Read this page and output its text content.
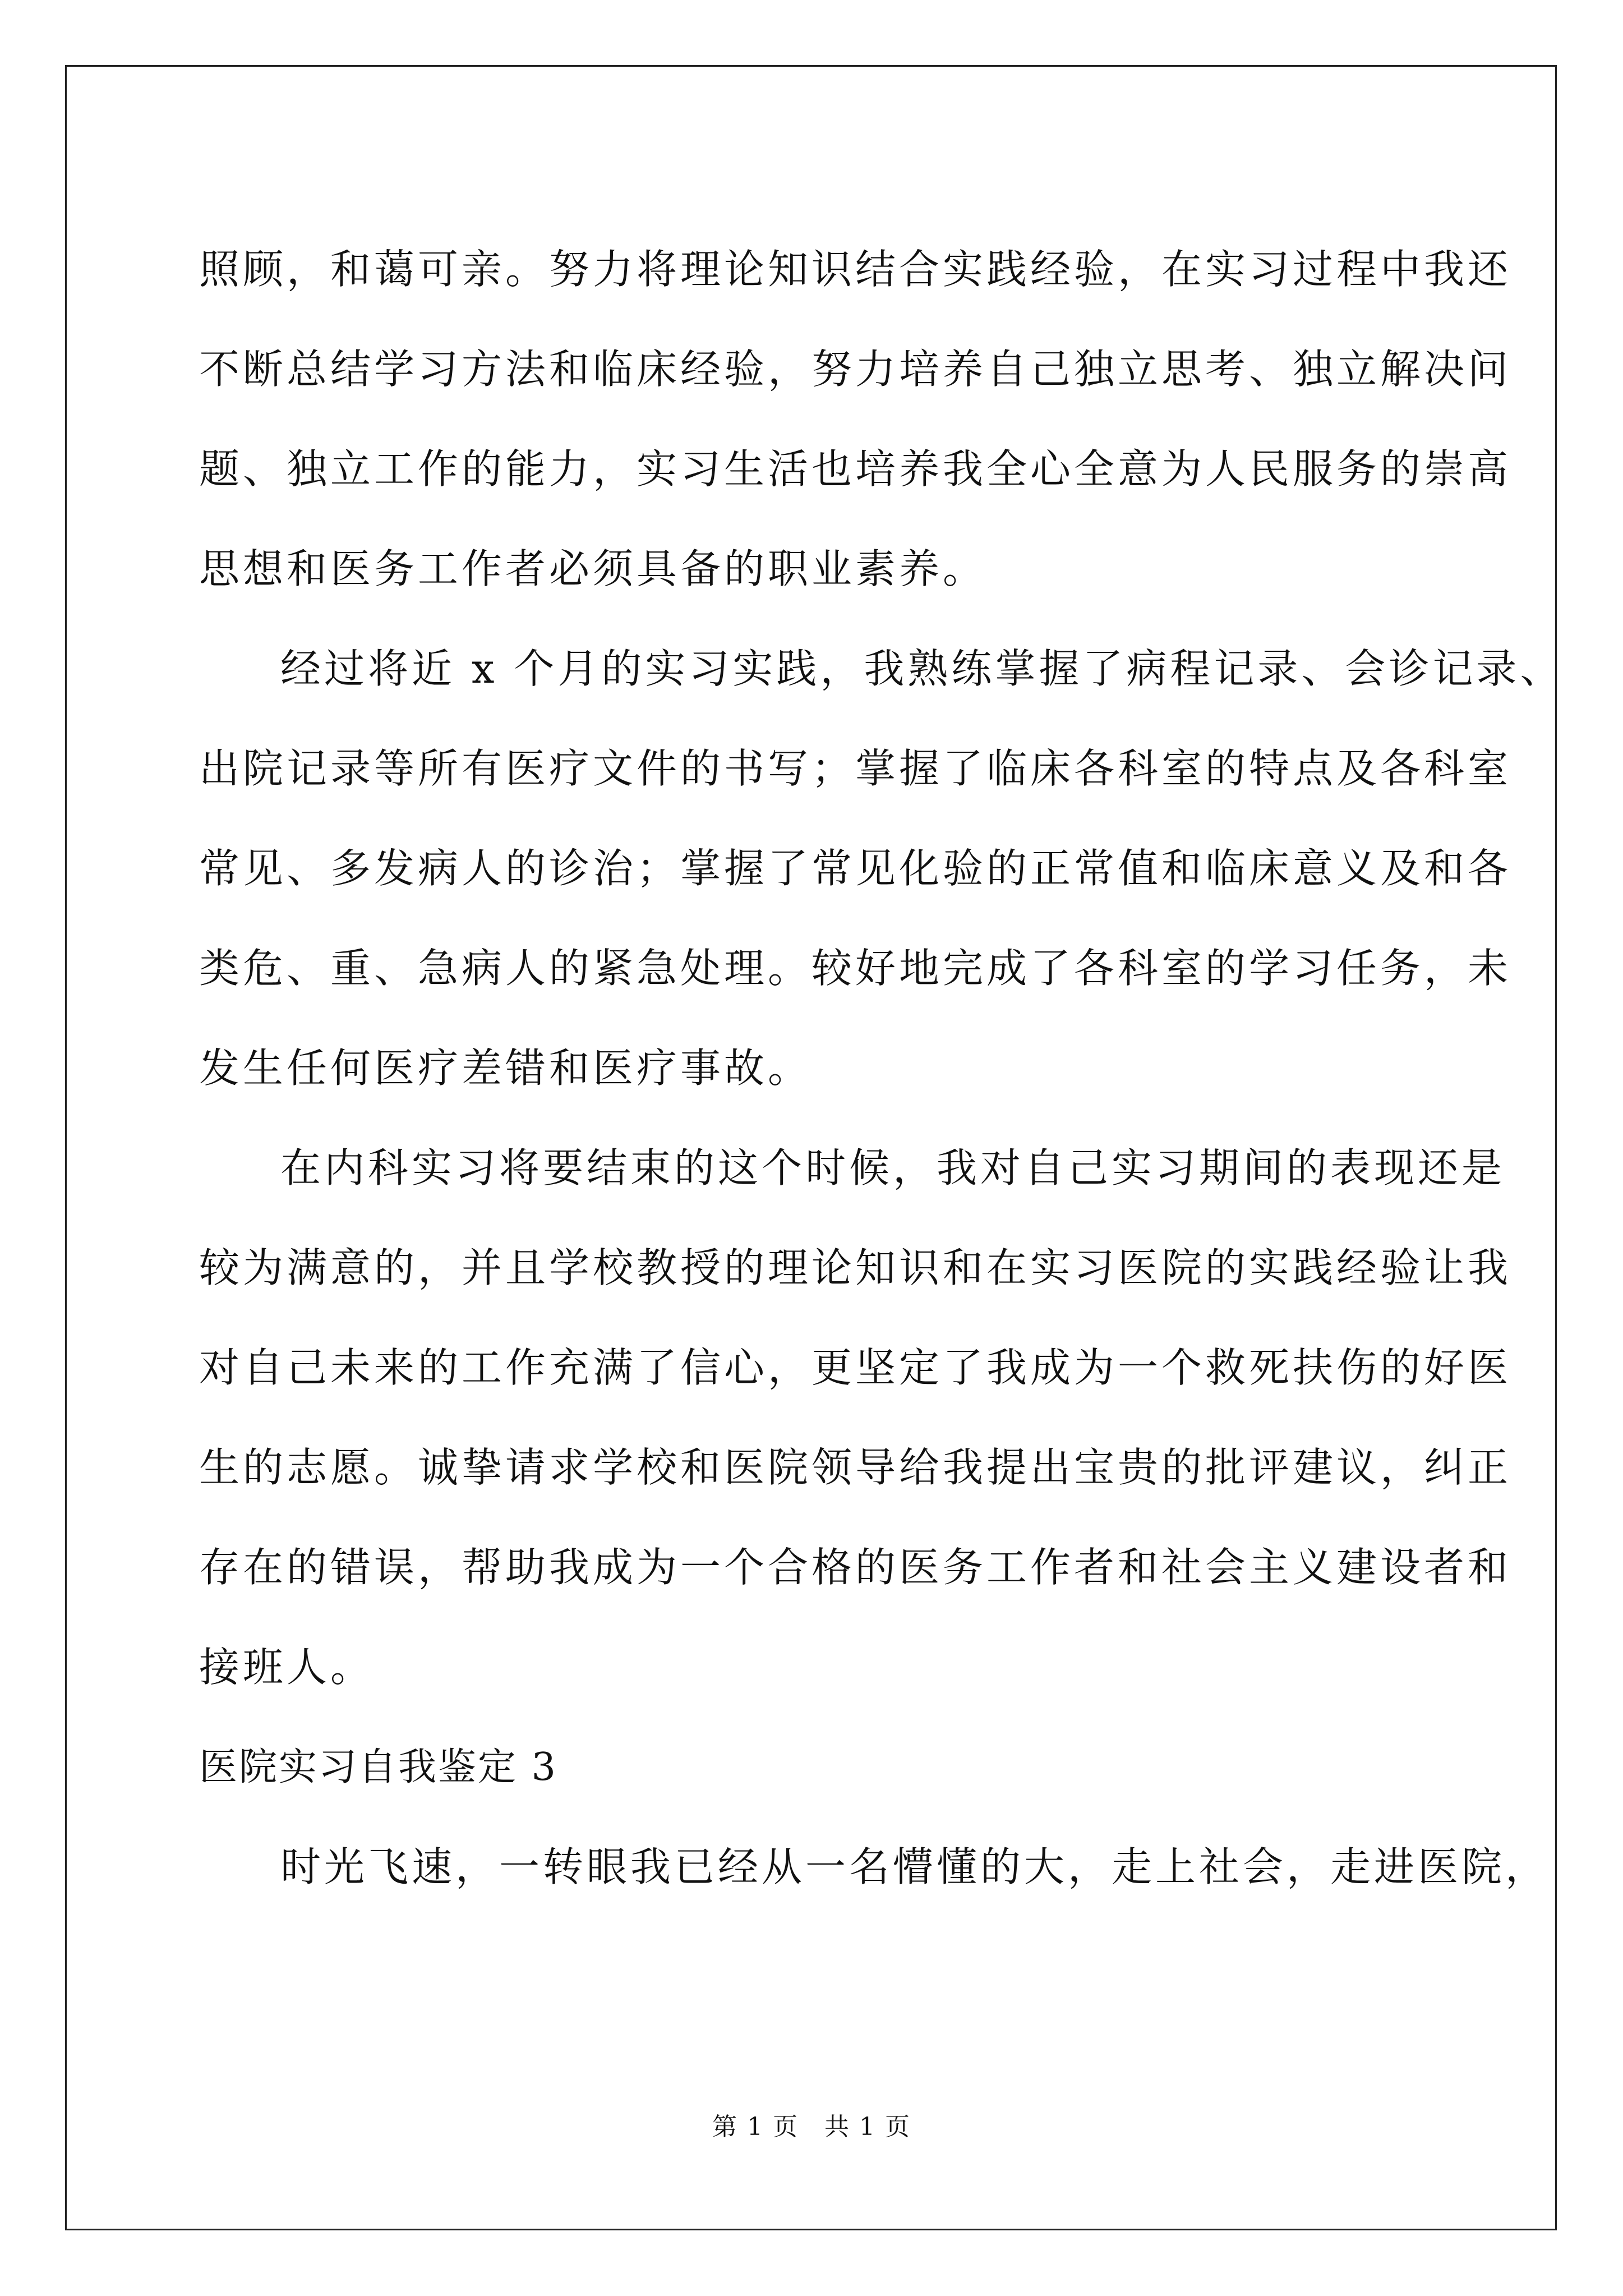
照顾，和蔼可亲。努力将理论知识结合实践经验，在实习过程中我还
不断总结学习方法和临床经验，努力培养自己独立思考、独立解决问
题、独立工作的能力，实习生活也培养我全心全意为人民服务的崇高
思想和医务工作者必须具备的职业素养。
经过将近 x 个月的实习实践，我熟练掌握了病程记录、会诊记录、
出院记录等所有医疗文件的书写；掌握了临床各科室的特点及各科室
常见、多发病人的诊治；掌握了常见化验的正常值和临床意义及和各
类危、重、急病人的紧急处理。较好地完成了各科室的学习任务，未
发生任何医疗差错和医疗事故。
在内科实习将要结束的这个时候，我对自己实习期间的表现还是
较为满意的，并且学校教授的理论知识和在实习医院的实践经验让我
对自己未来的工作充满了信心，更坚定了我成为一个救死扶伤的好医
生的志愿。诚挚请求学校和医院领导给我提出宝贵的批评建议，纠正
存在的错误，帮助我成为一个合格的医务工作者和社会主义建设者和
接班人。
医院实习自我鉴定 3
时光飞速，一转眼我已经从一名懵懂的大，走上社会，走进医院，
第 1 页　共 1 页
